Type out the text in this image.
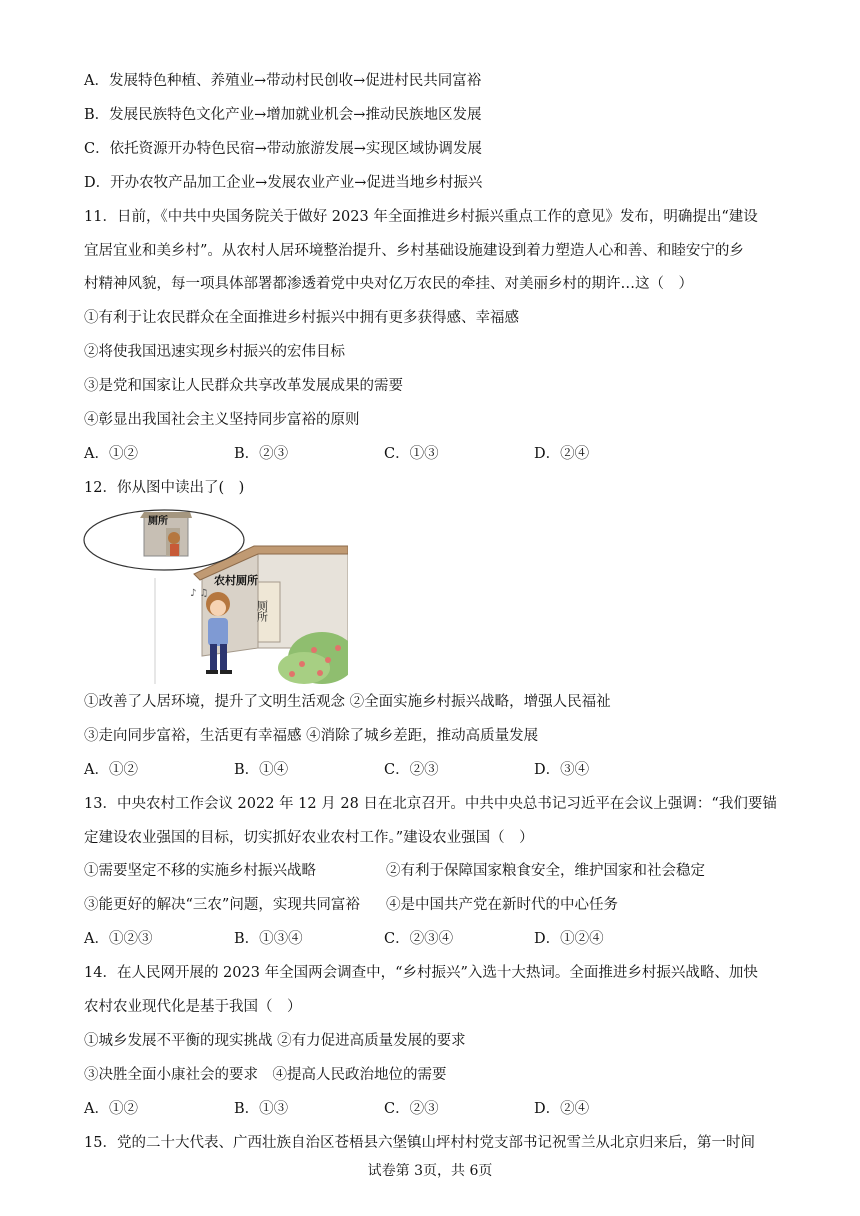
A．发展特色种植、养殖业→带动村民创收→促进村民共同富裕
B．发展民族特色文化产业→增加就业机会→推动民族地区发展
C．依托资源开办特色民宿→带动旅游发展→实现区域协调发展
D．开办农牧产品加工企业→发展农业产业→促进当地乡村振兴
11．日前，《中共中央国务院关于做好 2023 年全面推进乡村振兴重点工作的意见》发布，明确提出“建设
宜居宜业和美乡村”。从农村人居环境整治提升、乡村基础设施建设到着力塑造人心和善、和睦安宁的乡
村精神风貌，每一项具体部署都渗透着党中央对亿万农民的牵挂、对美丽乡村的期许…这（　）
①有利于让农民群众在全面推进乡村振兴中拥有更多获得感、幸福感
②将使我国迅速实现乡村振兴的宏伟目标
③是党和国家让人民群众共享改革发展成果的需要
④彰显出我国社会主义坚持同步富裕的原则
A．①②	B．②③	C．①③	D．②④
12．你从图中读出了(　)
厕所
农村厕所
♪ ♫
厕所
①改善了人居环境，提升了文明生活观念 ②全面实施乡村振兴战略，增强人民福祉
③走向同步富裕，生活更有幸福感 ④消除了城乡差距，推动高质量发展
A．①②	B．①④	C．②③	D．③④
13．中央农村工作会议 2022 年 12 月 28 日在北京召开。中共中央总书记习近平在会议上强调：“我们要锚
定建设农业强国的目标，切实抓好农业农村工作。”建设农业强国（　）
①需要坚定不移的实施乡村振兴战略	②有利于保障国家粮食安全，维护国家和社会稳定
③能更好的解决“三农”问题，实现共同富裕 ④是中国共产党在新时代的中心任务
A．①②③	B．①③④	C．②③④	D．①②④
14．在人民网开展的 2023 年全国两会调查中，“乡村振兴”入选十大热词。全面推进乡村振兴战略、加快
农村农业现代化是基于我国（　）
①城乡发展不平衡的现实挑战 ②有力促进高质量发展的要求
③决胜全面小康社会的要求　④提高人民政治地位的需要
A．①②	B．①③	C．②③	D．②④
15．党的二十大代表、广西壮族自治区苍梧县六堡镇山坪村村党支部书记祝雪兰从北京归来后，第一时间
试卷第 3页，共 6页
